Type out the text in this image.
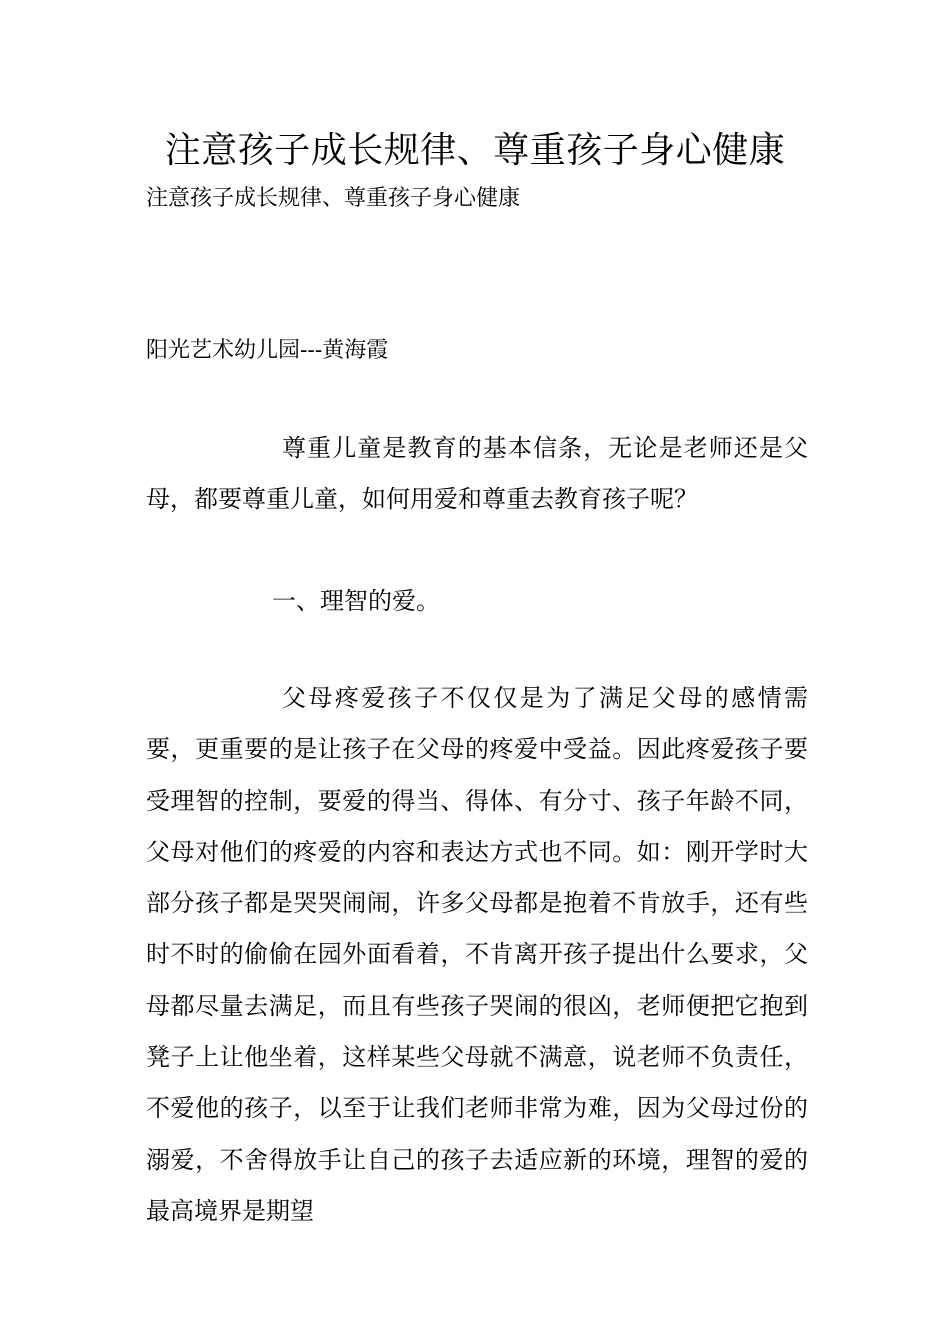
注意孩子成长规律、尊重孩子身心健康

注意孩子成长规律、尊重孩子身心健康

阳光艺术幼儿园---黄海霞

尊重儿童是教育的基本信条，无论是老师还是父母，都要尊重儿童，如何用爱和尊重去教育孩子呢？

一、理智的爱。

父母疼爱孩子不仅仅是为了满足父母的感情需要，更重要的是让孩子在父母的疼爱中受益。因此疼爱孩子要受理智的控制，要爱的得当、得体、有分寸、孩子年龄不同，父母对他们的疼爱的内容和表达方式也不同。如：刚开学时大部分孩子都是哭哭闹闹，许多父母都是抱着不肯放手，还有些时不时的偷偷在园外面看着，不肯离开孩子提出什么要求，父母都尽量去满足，而且有些孩子哭闹的很凶，老师便把它抱到凳子上让他坐着，这样某些父母就不满意，说老师不负责任，不爱他的孩子，以至于让我们老师非常为难，因为父母过份的溺爱，不舍得放手让自己的孩子去适应新的环境，理智的爱的最高境界是期望
